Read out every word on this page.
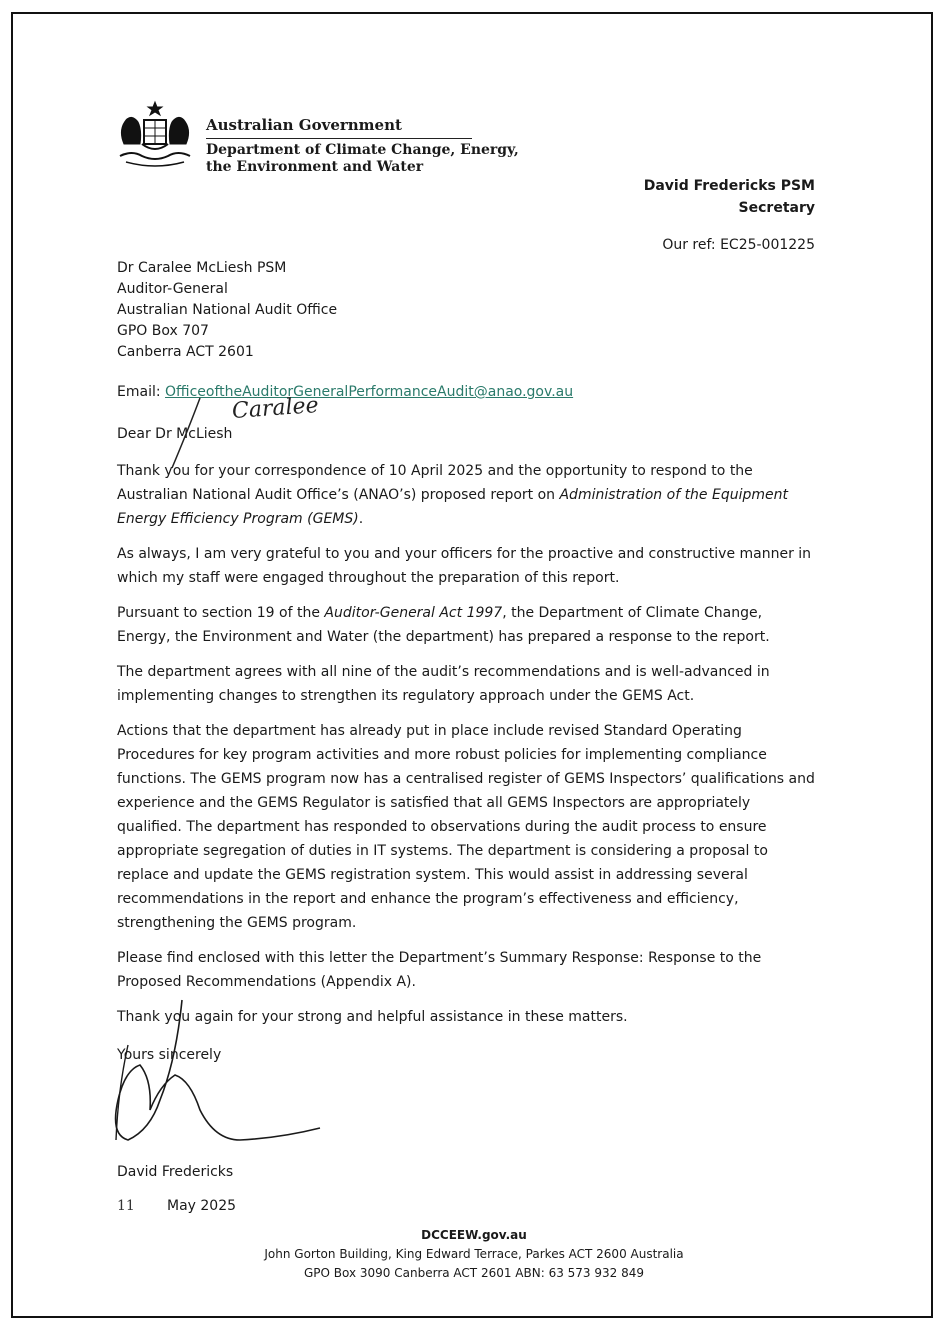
Australian Government
Department of Climate Change, Energy,
the Environment and Water
David Fredericks PSM
Secretary
Our ref: EC25-001225
Dr Caralee McLiesh PSM
Auditor-General
Australian National Audit Office
GPO Box 707
Canberra ACT 2601
Email: OfficeoftheAuditorGeneralPerformanceAudit@anao.gov.au
Dear Dr McLiesh
Caralee

Thank you for your correspondence of 10 April 2025 and the opportunity to respond to the Australian National Audit Office’s (ANAO’s) proposed report on Administration of the Equipment Energy Efficiency Program (GEMS).

As always, I am very grateful to you and your officers for the proactive and constructive manner in which my staff were engaged throughout the preparation of this report.

Pursuant to section 19 of the Auditor-General Act 1997, the Department of Climate Change, Energy, the Environment and Water (the department) has prepared a response to the report.

The department agrees with all nine of the audit’s recommendations and is well-advanced in implementing changes to strengthen its regulatory approach under the GEMS Act.

Actions that the department has already put in place include revised Standard Operating Procedures for key program activities and more robust policies for implementing compliance functions. The GEMS program now has a centralised register of GEMS Inspectors’ qualifications and experience and the GEMS Regulator is satisfied that all GEMS Inspectors are appropriately qualified. The department has responded to observations during the audit process to ensure appropriate segregation of duties in IT systems. The department is considering a proposal to replace and update the GEMS registration system. This would assist in addressing several recommendations in the report and enhance the program’s effectiveness and efficiency, strengthening the GEMS program.

Please find enclosed with this letter the Department’s Summary Response: Response to the Proposed Recommendations (Appendix A).

Thank you again for your strong and helpful assistance in these matters.

Yours sincerely
David Fredericks
11 May 2025
DCCEEW.gov.au
John Gorton Building, King Edward Terrace, Parkes ACT 2600 Australia
GPO Box 3090 Canberra ACT 2601 ABN: 63 573 932 849
